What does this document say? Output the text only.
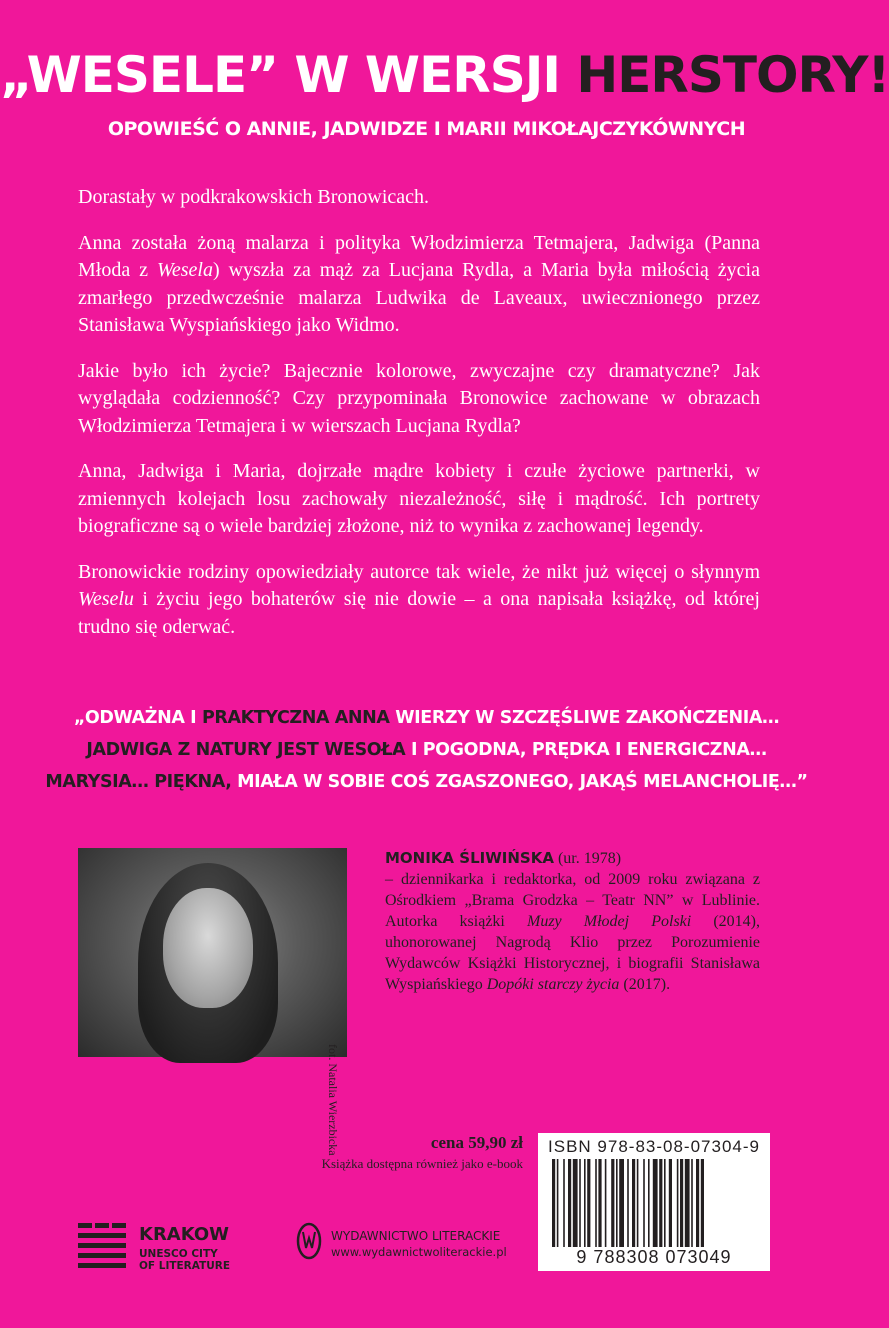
„WESELE” W WERSJI HERSTORY!
OPOWIEŚĆ O ANNIE, JADWIDZE I MARII MIKOŁAJCZYKÓWNYCH

Dorastały w podkrakowskich Bronowicach.

Anna została żoną malarza i polityka Włodzimierza Tetmajera, Jadwiga (Panna Młoda z Wesela) wyszła za mąż za Lucjana Rydla, a Maria była miłością życia zmarłego przedwcześnie malarza Ludwika de Laveaux, uwiecznionego przez Stanisława Wyspiańskiego jako Widmo.

Jakie było ich życie? Bajecznie kolorowe, zwyczajne czy dramatyczne? Jak wyglądała codzienność? Czy przypominała Bronowice zachowane w obrazach Włodzimierza Tetmajera i w wierszach Lucjana Rydla?

Anna, Jadwiga i Maria, dojrzałe mądre kobiety i czułe życiowe partnerki, w zmiennych kolejach losu zachowały niezależność, siłę i mądrość. Ich portrety biograficzne są o wiele bardziej złożone, niż to wynika z zachowanej legendy.

Bronowickie rodziny opowiedziały autorce tak wiele, że nikt już więcej o słynnym Weselu i życiu jego bohaterów się nie dowie – a ona napisała książkę, od której trudno się oderwać.

„ODWAŻNA I PRAKTYCZNA ANNA WIERZY W SZCZĘŚLIWE ZAKOŃCZENIA…
JADWIGA Z NATURY JEST WESOŁA I POGODNA, PRĘDKA I ENERGICZNA…
MARYSIA… PIĘKNA, MIAŁA W SOBIE COŚ ZGASZONEGO, JAKĄŚ MELANCHOLIĘ…”
fot. Natalia Wierzbicka
MONIKA ŚLIWIŃSKA (ur. 1978)
– dziennikarka i redaktorka, od 2009 roku związana z Ośrodkiem „Brama Grodzka – Teatr NN” w Lublinie. Autorka książki Muzy Młodej Polski (2014), uhonorowanej Nagrodą Klio przez Porozumienie Wydawców Książki Historycznej, i biografii Stanisława Wyspiańskiego Dopóki starczy życia (2017).
cena 59,90 zł
Książka dostępna również jako e-book
ISBN 978-83-08-07304-9
9 788308 073049
KRAKOW
UNESCO CITY
OF LITERATURE
WYDAWNICTWO LITERACKIE
www.wydawnictwoliterackie.pl
